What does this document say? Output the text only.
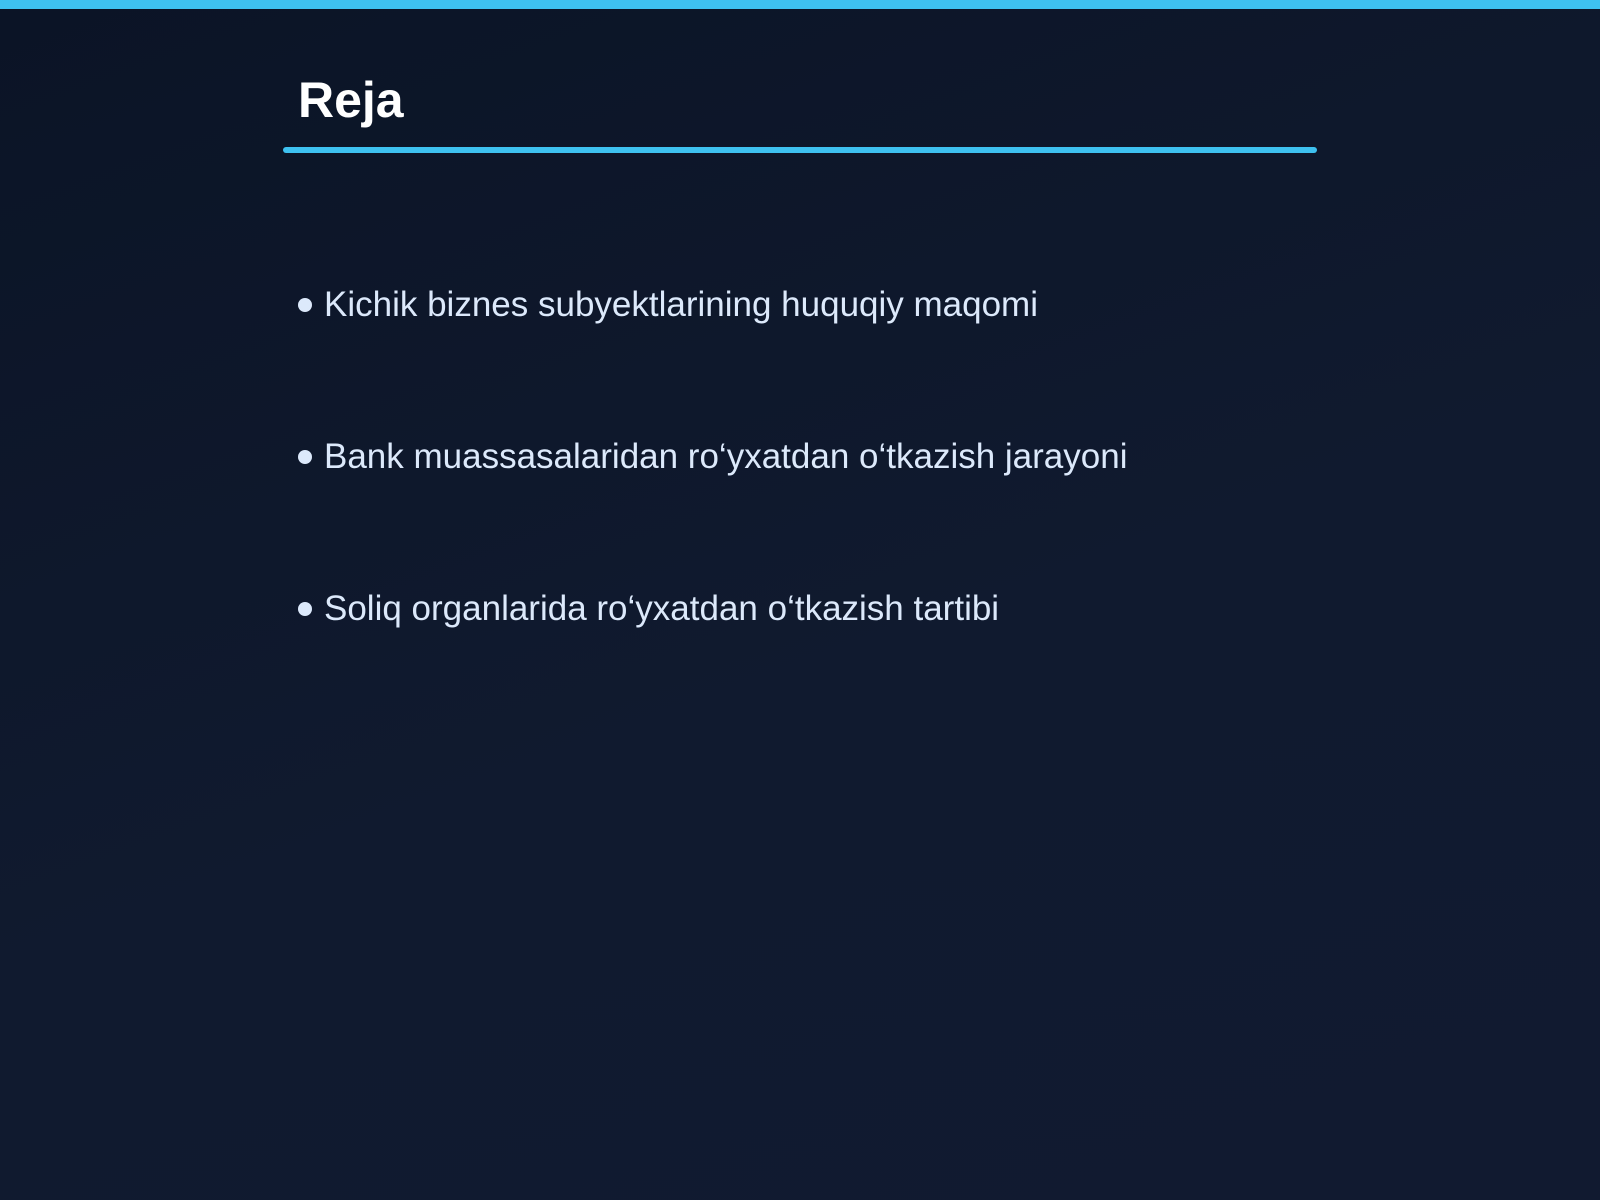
Reja
Kichik biznes subyektlarining huquqiy maqomi
Bank muassasalaridan ro‘yxatdan o‘tkazish jarayoni
Soliq organlarida ro‘yxatdan o‘tkazish tartibi
